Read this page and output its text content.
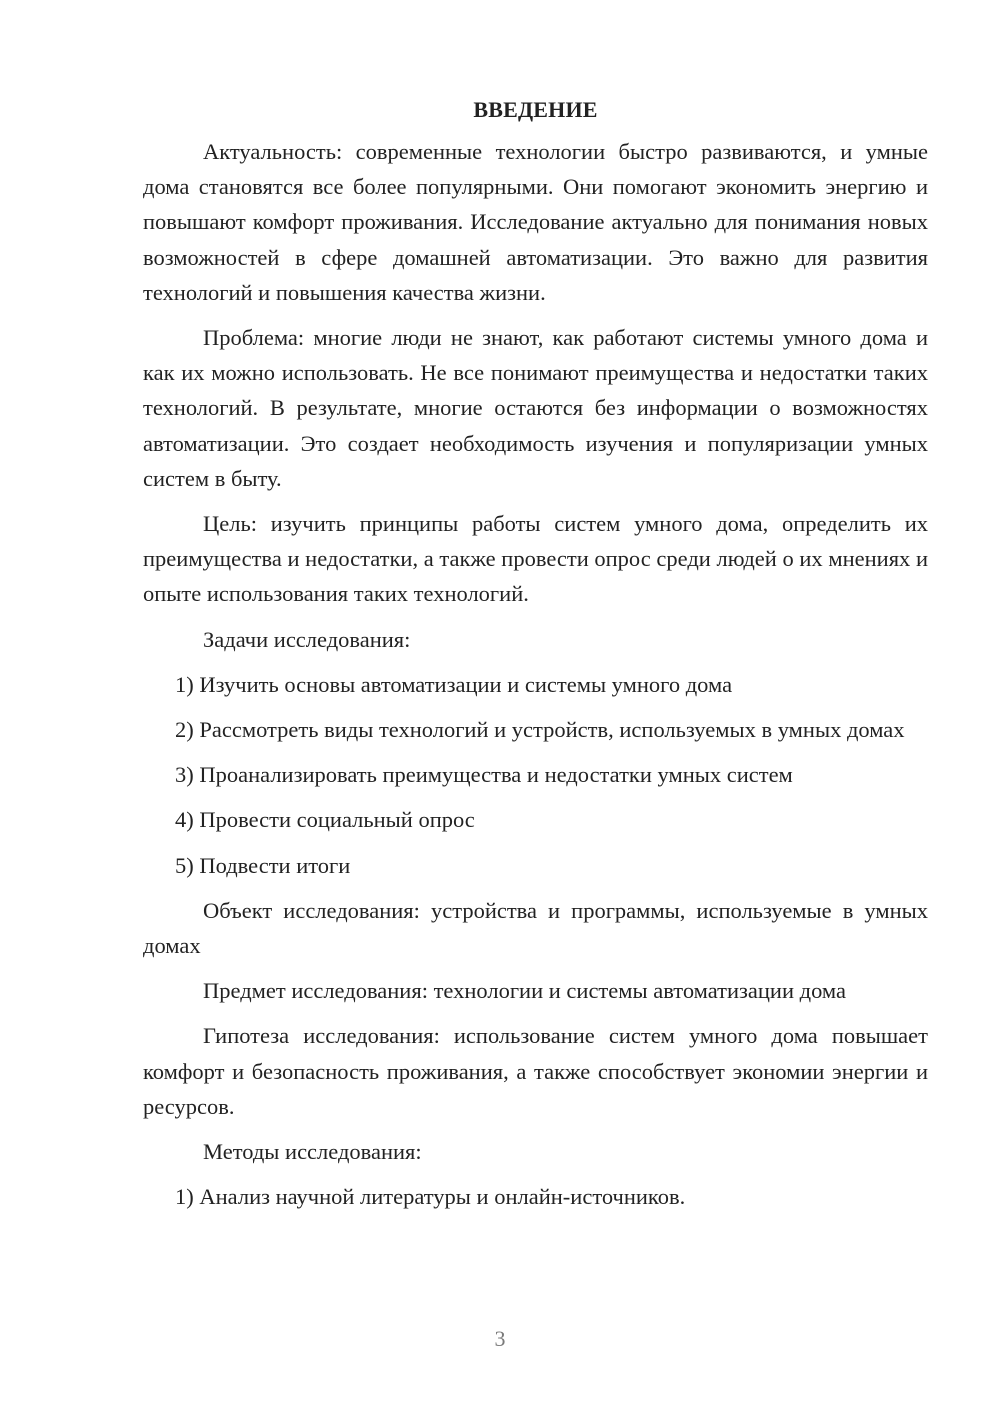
ВВЕДЕНИЕ

Актуальность: современные технологии быстро развиваются, и умные дома становятся все более популярными. Они помогают экономить энергию и повышают комфорт проживания. Исследование актуально для понимания новых возможностей в сфере домашней автоматизации. Это важно для развития технологий и повышения качества жизни.

Проблема: многие люди не знают, как работают системы умного дома и как их можно использовать. Не все понимают преимущества и недостатки таких технологий. В результате, многие остаются без информации о возможностях автоматизации. Это создает необходимость изучения и популяризации умных систем в быту.

Цель: изучить принципы работы систем умного дома, определить их преимущества и недостатки, а также провести опрос среди людей о их мнениях и опыте использования таких технологий.

Задачи исследования:

1) Изучить основы автоматизации и системы умного дома

2) Рассмотреть виды технологий и устройств, используемых в умных домах

3) Проанализировать преимущества и недостатки умных систем

4) Провести социальный опрос

5) Подвести итоги

Объект исследования: устройства и программы, используемые в умных домах

Предмет исследования: технологии и системы автоматизации дома

Гипотеза исследования: использование систем умного дома повышает комфорт и безопасность проживания, а также способствует экономии энергии и ресурсов.

Методы исследования:

1) Анализ научной литературы и онлайн-источников.

3
